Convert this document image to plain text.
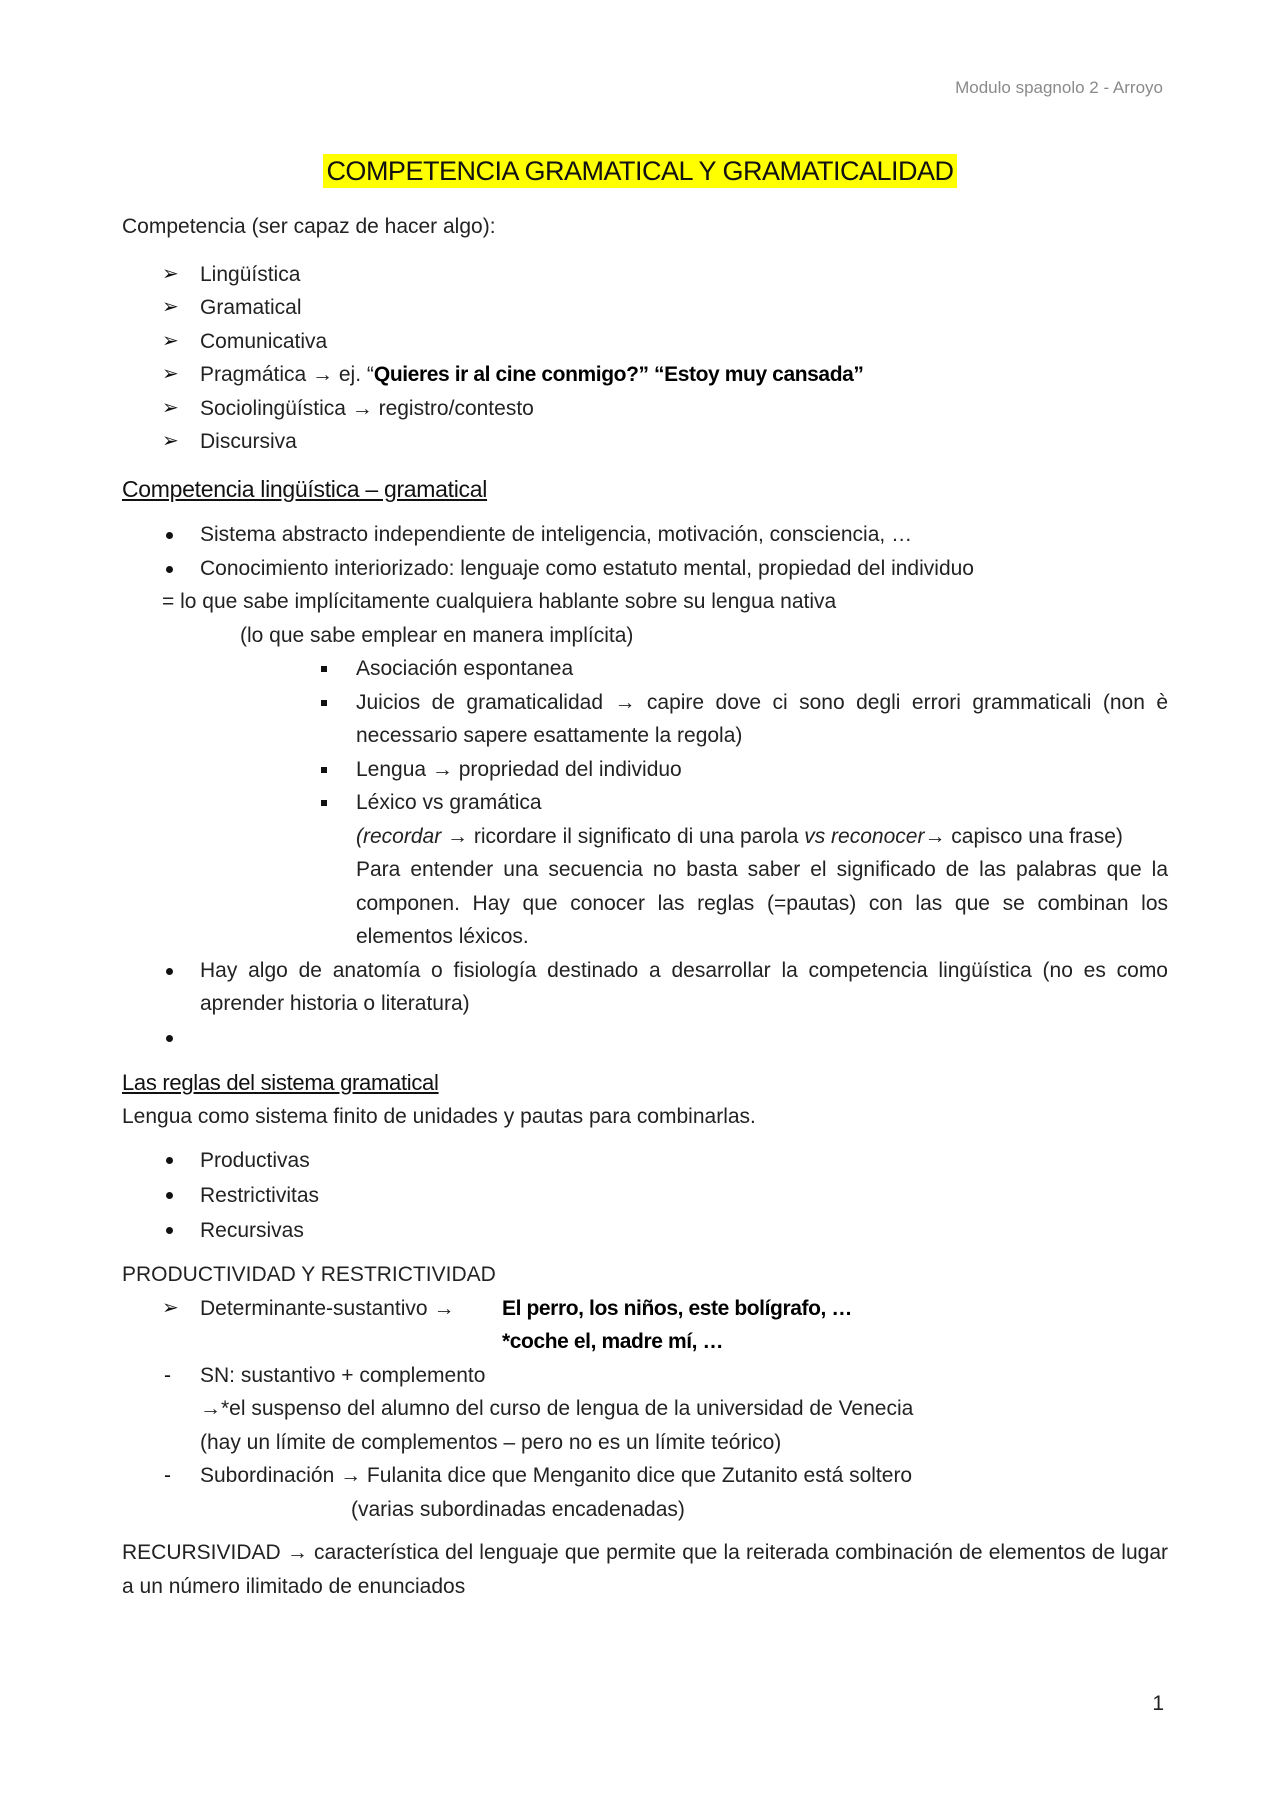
Modulo spagnolo 2 - Arroyo
COMPETENCIA GRAMATICAL Y GRAMATICALIDAD

Competencia (ser capaz de hacer algo):

➢ Lingüística
➢ Gramatical
➢ Comunicativa
➢ Pragmática → ej. “Quieres ir al cine conmigo?” “Estoy muy cansada”
➢ Sociolingüística → registro/contesto
➢ Discursiva

Competencia lingüística – gramatical

Sistema abstracto independiente de inteligencia, motivación, consciencia, …
Conocimiento interiorizado: lenguaje como estatuto mental, propiedad del individuo

= lo que sabe implícitamente cualquiera hablante sobre su lengua nativa

(lo que sabe emplear en manera implícita)

Asociación espontanea
Juicios de gramaticalidad → capire dove ci sono degli errori grammaticali (non è necessario sapere esattamente la regola)
Lengua → propriedad del individuo
Léxico vs gramática
(recordar → ricordare il significato di una parola vs reconocer→ capisco una frase)
Para entender una secuencia no basta saber el significado de las palabras que la componen. Hay que conocer las reglas (=pautas) con las que se combinan los elementos léxicos.
Hay algo de anatomía o fisiología destinado a desarrollar la competencia lingüística (no es como aprender historia o literatura)

Las reglas del sistema gramatical

Lengua como sistema finito de unidades y pautas para combinarlas.

Productivas
Restrictivitas
Recursivas

PRODUCTIVIDAD Y RESTRICTIVIDAD

➢ Determinante-sustantivo →	El perro, los niños, este bolígrafo, …

*coche el, madre mí, …

- SN: sustantivo + complemento
→*el suspenso del alumno del curso de lengua de la universidad de Venecia
(hay un límite de complementos – pero no es un límite teórico)
- Subordinación → Fulanita dice que Menganito dice que Zutanito está soltero

(varias subordinadas encadenadas)

RECURSIVIDAD → característica del lenguaje que permite que la reiterada combinación de elementos de lugar a un número ilimitado de enunciados

1
